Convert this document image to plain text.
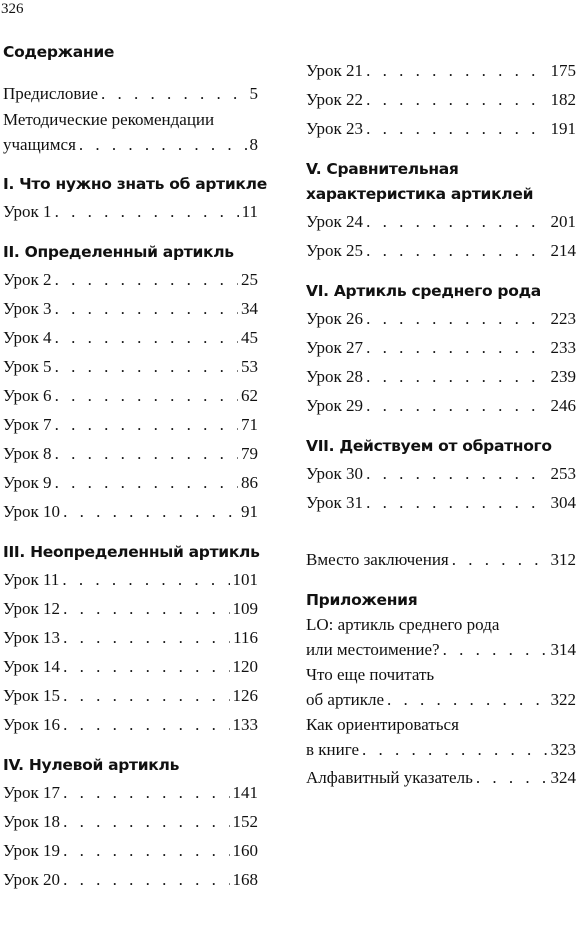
326
Содержание
Предисловие . . .	5
Методические рекомендации
учащимся . . .	8
I. Что нужно знать об артикле
Урок 1 . . .	11
II. Определенный артикль
Урок 2 . . .	25
Урок 3 . . .	34
Урок 4 . . .	45
Урок 5 . . .	53
Урок 6 . . .	62
Урок 7 . . .	71
Урок 8 . . .	79
Урок 9 . . .	86
Урок 10 . . .	91
III. Неопределенный артикль
Урок 11 . . .	101
Урок 12 . . .	109
Урок 13 . . .	116
Урок 14 . . .	120
Урок 15 . . .	126
Урок 16 . . .	133
IV. Нулевой артикль
Урок 17 . . .	141
Урок 18 . . .	152
Урок 19 . . .	160
Урок 20 . . .	168
Урок 21 . . .	175
Урок 22 . . .	182
Урок 23 . . .	191
V. Сравнительная
характеристика артиклей
Урок 24 . . .	201
Урок 25 . . .	214
VI. Артикль среднего рода
Урок 26 . . .	223
Урок 27 . . .	233
Урок 28 . . .	239
Урок 29 . . .	246
VII. Действуем от обратного
Урок 30 . . .	253
Урок 31 . . .	304
Вместо заключения . . .	312
Приложения
LO: артикль среднего рода
или местоимение? . . .	314
Что еще почитать
об артикле . . .	322
Как ориентироваться
в книге . . .	323
Алфавитный указатель . . .	324
